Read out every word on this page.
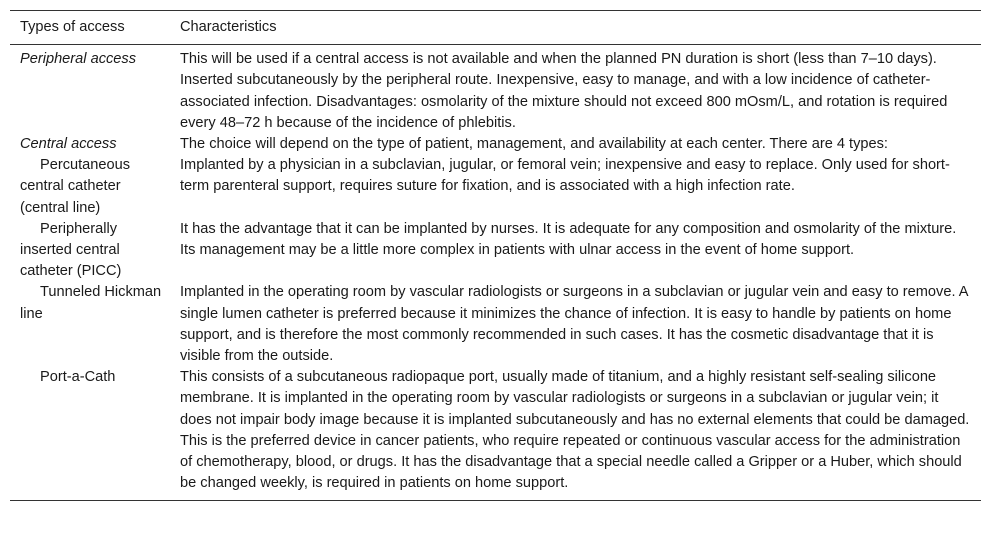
Types of access	Characteristics
Peripheral access	This will be used if a central access is not available and when the planned PN duration is short (less than 7–10 days). Inserted subcutaneously by the peripheral route. Inexpensive, easy to manage, and with a low incidence of catheter-associated infection. Disadvantages: osmolarity of the mixture should not exceed 800 mOsm/L, and rotation is required every 48–72 h because of the incidence of phlebitis.
Central access	The choice will depend on the type of patient, management, and availability at each center. There are 4 types:
Percutaneous central catheter (central line)	Implanted by a physician in a subclavian, jugular, or femoral vein; inexpensive and easy to replace. Only used for short-term parenteral support, requires suture for fixation, and is associated with a high infection rate.
Peripherally inserted central catheter (PICC)	It has the advantage that it can be implanted by nurses. It is adequate for any composition and osmolarity of the mixture. Its management may be a little more complex in patients with ulnar access in the event of home support.
Tunneled Hickman line	Implanted in the operating room by vascular radiologists or surgeons in a subclavian or jugular vein and easy to remove. A single lumen catheter is preferred because it minimizes the chance of infection. It is easy to handle by patients on home support, and is therefore the most commonly recommended in such cases. It has the cosmetic disadvantage that it is visible from the outside.
Port-a-Cath	This consists of a subcutaneous radiopaque port, usually made of titanium, and a highly resistant self-sealing silicone membrane. It is implanted in the operating room by vascular radiologists or surgeons in a subclavian or jugular vein; it does not impair body image because it is implanted subcutaneously and has no external elements that could be damaged. This is the preferred device in cancer patients, who require repeated or continuous vascular access for the administration of chemotherapy, blood, or drugs. It has the disadvantage that a special needle called a Gripper or a Huber, which should be changed weekly, is required in patients on home support.
